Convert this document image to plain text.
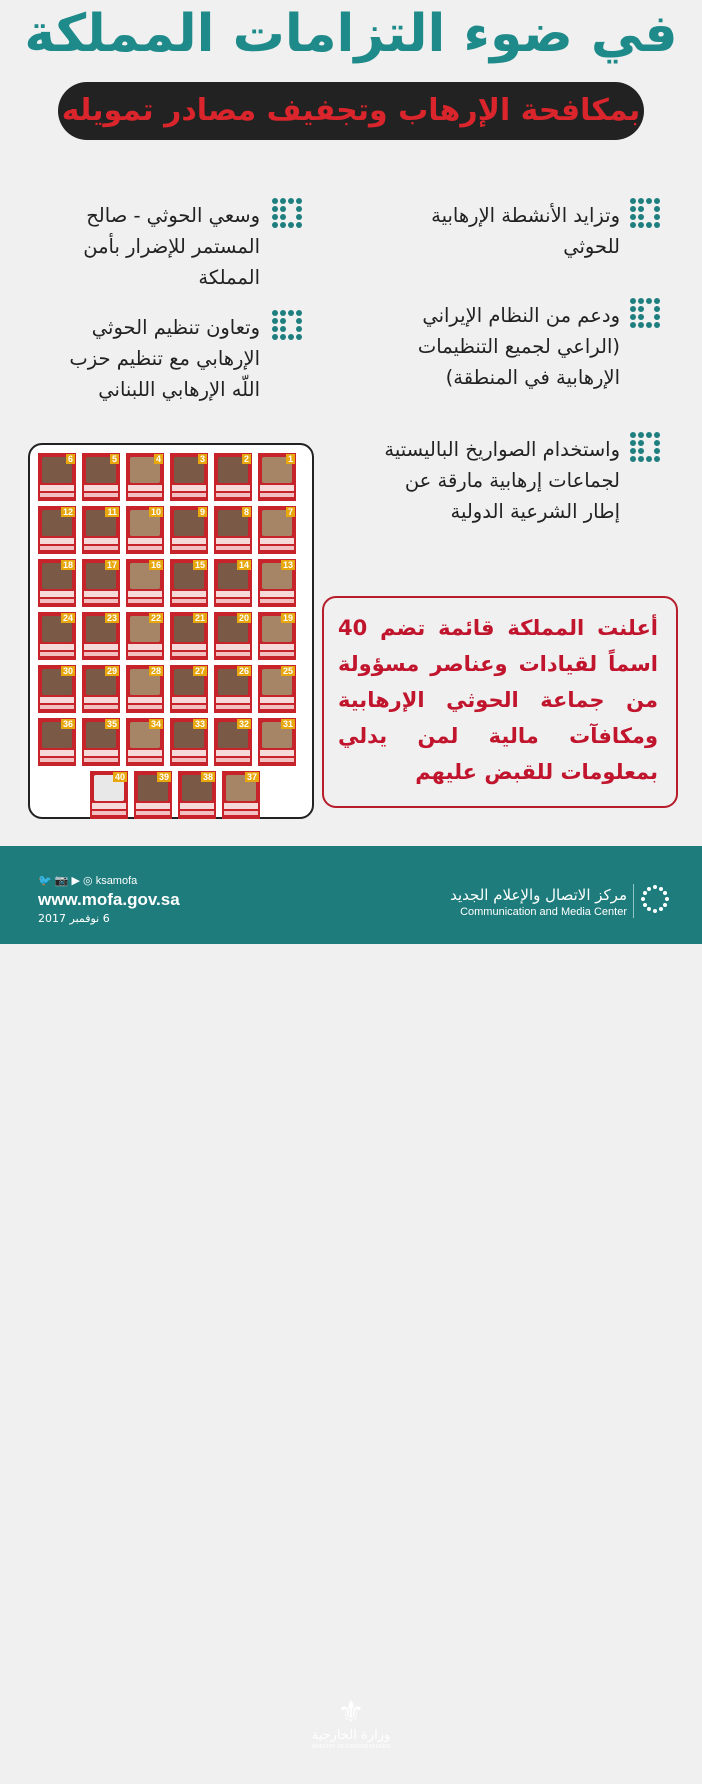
في ضوء التزامات المملكة
بمكافحة الإرهاب وتجفيف مصادر تمويله
وتزايد الأنشطة الإرهابية للحوثي
وسعي الحوثي - صالح المستمر للإضرار بأمن المملكة
ودعم من النظام الإيراني (الراعي لجميع التنظيمات الإرهابية في المنطقة)
وتعاون تنظيم الحوثي الإرهابي مع تنظيم حزب اللّه الإرهابي اللبناني
واستخدام الصواريخ الباليستية لجماعات إرهابية مارقة عن إطار الشرعية الدولية
1
2
3
4
5
6
7
8
9
10
11
12
13
14
15
16
17
18
19
20
21
22
23
24
25
26
27
28
29
30
31
32
33
34
35
36
37
38
39
40
أعلنت المملكة قائمة تضم 40 اسماً لقيادات وعناصر مسؤولة من جماعة الحوثي الإرهابية ومكافآت مالية لمن يدلي بمعلومات للقبض عليهم
🐦 📷 ▶ ◎ ksamofa
www.mofa.gov.sa
6 نوفمبر 2017
⚜
وزارة الخارجية
MINISTRY OF FOREIGN AFFAIRS
مركز الاتصال والإعلام الجديد
Communication and Media Center
